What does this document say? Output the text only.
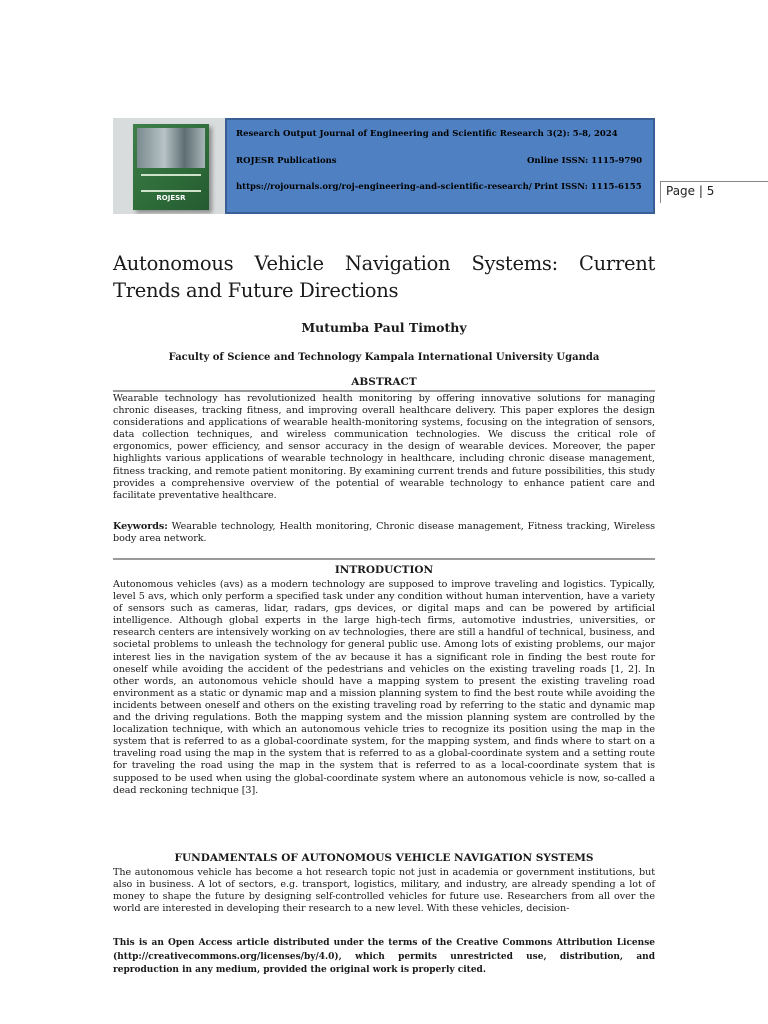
ROJESR
Research Output Journal of Engineering and Scientific Research 3(2): 5-8, 2024
ROJESR Publications	Online ISSN: 1115-9790
https://rojournals.org/roj-engineering-and-scientific-research/ Print ISSN: 1115-6155 Page | 5
Autonomous Vehicle Navigation Systems: Current Trends and Future Directions
Mutumba Paul Timothy
Faculty of Science and Technology Kampala International University Uganda
ABSTRACT

Wearable technology has revolutionized health monitoring by offering innovative solutions for managing chronic diseases, tracking fitness, and improving overall healthcare delivery. This paper explores the design considerations and applications of wearable health-monitoring systems, focusing on the integration of sensors, data collection techniques, and wireless communication technologies. We discuss the critical role of ergonomics, power efficiency, and sensor accuracy in the design of wearable devices. Moreover, the paper highlights various applications of wearable technology in healthcare, including chronic disease management, fitness tracking, and remote patient monitoring. By examining current trends and future possibilities, this study provides a comprehensive overview of the potential of wearable technology to enhance patient care and facilitate preventative healthcare.

Keywords: Wearable technology, Health monitoring, Chronic disease management, Fitness tracking, Wireless body area network.

INTRODUCTION

Autonomous vehicles (avs) as a modern technology are supposed to improve traveling and logistics. Typically, level 5 avs, which only perform a specified task under any condition without human intervention, have a variety of sensors such as cameras, lidar, radars, gps devices, or digital maps and can be powered by artificial intelligence. Although global experts in the large high-tech firms, automotive industries, universities, or research centers are intensively working on av technologies, there are still a handful of technical, business, and societal problems to unleash the technology for general public use. Among lots of existing problems, our major interest lies in the navigation system of the av because it has a significant role in finding the best route for oneself while avoiding the accident of the pedestrians and vehicles on the existing traveling roads [1, 2]. In other words, an autonomous vehicle should have a mapping system to present the existing traveling road environment as a static or dynamic map and a mission planning system to find the best route while avoiding the incidents between oneself and others on the existing traveling road by referring to the static and dynamic map and the driving regulations. Both the mapping system and the mission planning system are controlled by the localization technique, with which an autonomous vehicle tries to recognize its position using the map in the system that is referred to as a global-coordinate system, for the mapping system, and finds where to start on a traveling road using the map in the system that is referred to as a global-coordinate system and a setting route for traveling the road using the map in the system that is referred to as a local-coordinate system that is supposed to be used when using the global-coordinate system where an autonomous vehicle is now, so-called a dead reckoning technique [3].

FUNDAMENTALS OF AUTONOMOUS VEHICLE NAVIGATION SYSTEMS

The autonomous vehicle has become a hot research topic not just in academia or government institutions, but also in business. A lot of sectors, e.g. transport, logistics, military, and industry, are already spending a lot of money to shape the future by designing self-controlled vehicles for future use. Researchers from all over the world are interested in developing their research to a new level. With these vehicles, decision-

This is an Open Access article distributed under the terms of the Creative Commons Attribution License (http://creativecommons.org/licenses/by/4.0), which permits unrestricted use, distribution, and reproduction in any medium, provided the original work is properly cited.
